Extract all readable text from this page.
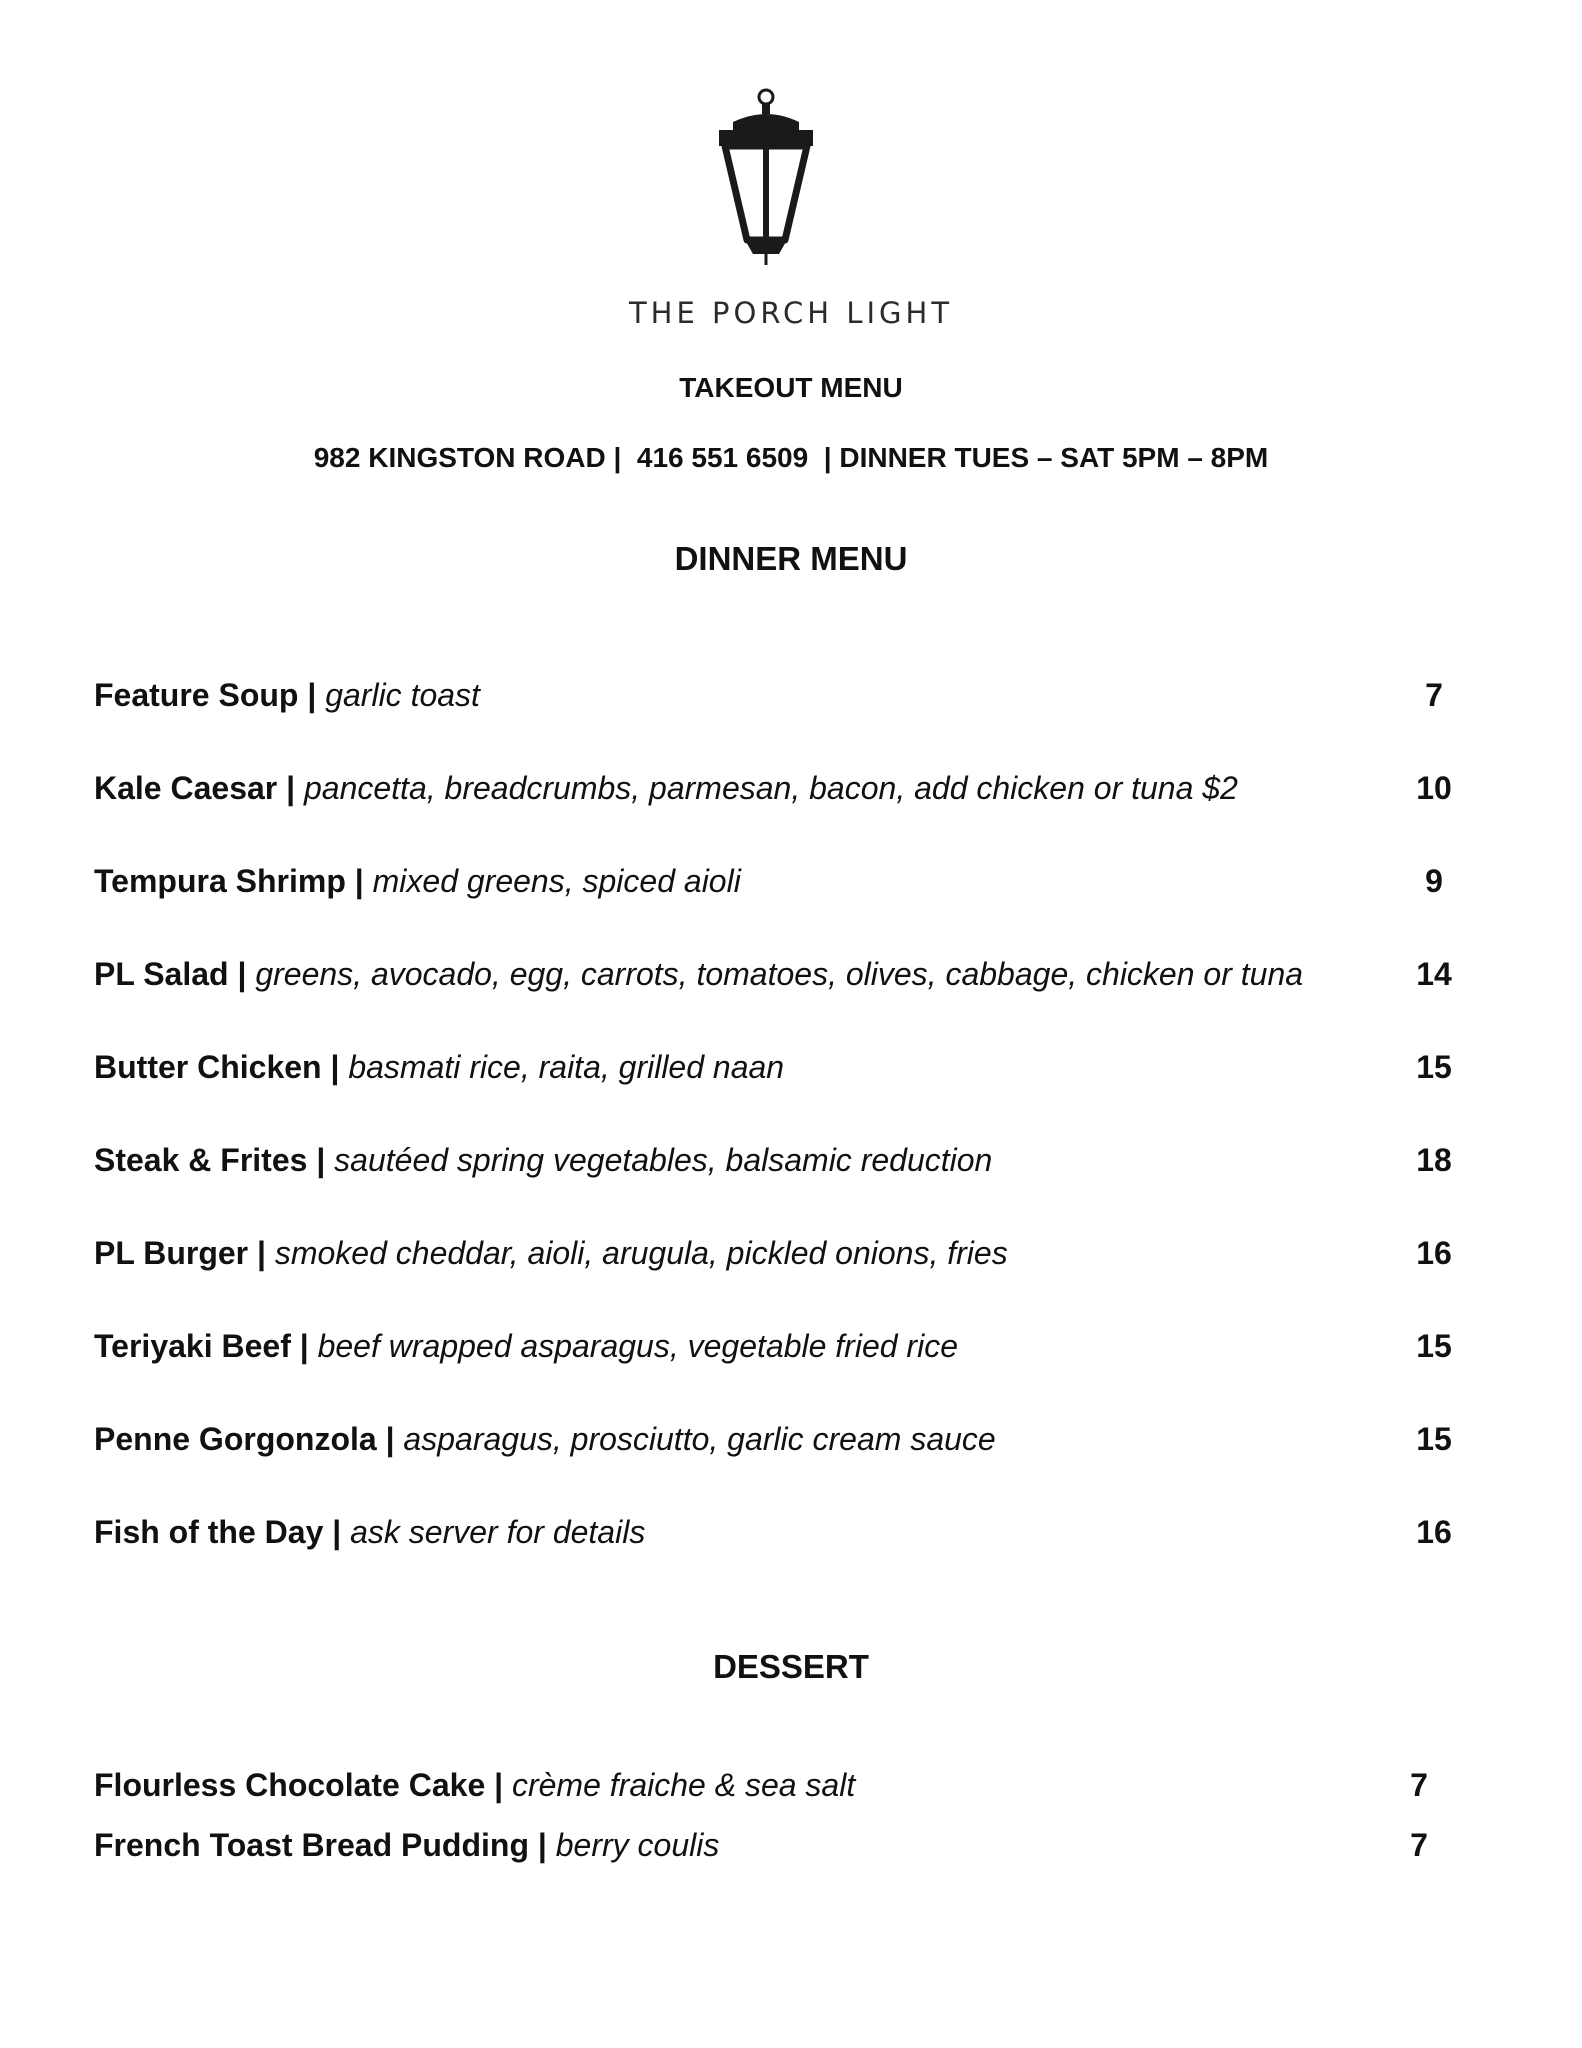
THE PORCH LIGHT
TAKEOUT MENU
982 KINGSTON ROAD |  416 551 6509  | DINNER TUES – SAT 5PM – 8PM
DINNER MENU
Feature Soup | garlic toast	7
Kale Caesar | pancetta, breadcrumbs, parmesan, bacon, add chicken or tuna $2	10
Tempura Shrimp | mixed greens, spiced aioli	9
PL Salad | greens, avocado, egg, carrots, tomatoes, olives, cabbage, chicken or tuna	14
Butter Chicken | basmati rice, raita, grilled naan	15
Steak & Frites | sautéed spring vegetables, balsamic reduction	18
PL Burger | smoked cheddar, aioli, arugula, pickled onions, fries	16
Teriyaki Beef | beef wrapped asparagus, vegetable fried rice	15
Penne Gorgonzola | asparagus, prosciutto, garlic cream sauce	15
Fish of the Day | ask server for details	16
DESSERT
Flourless Chocolate Cake | crème fraiche & sea salt	7
French Toast Bread Pudding | berry coulis	7
